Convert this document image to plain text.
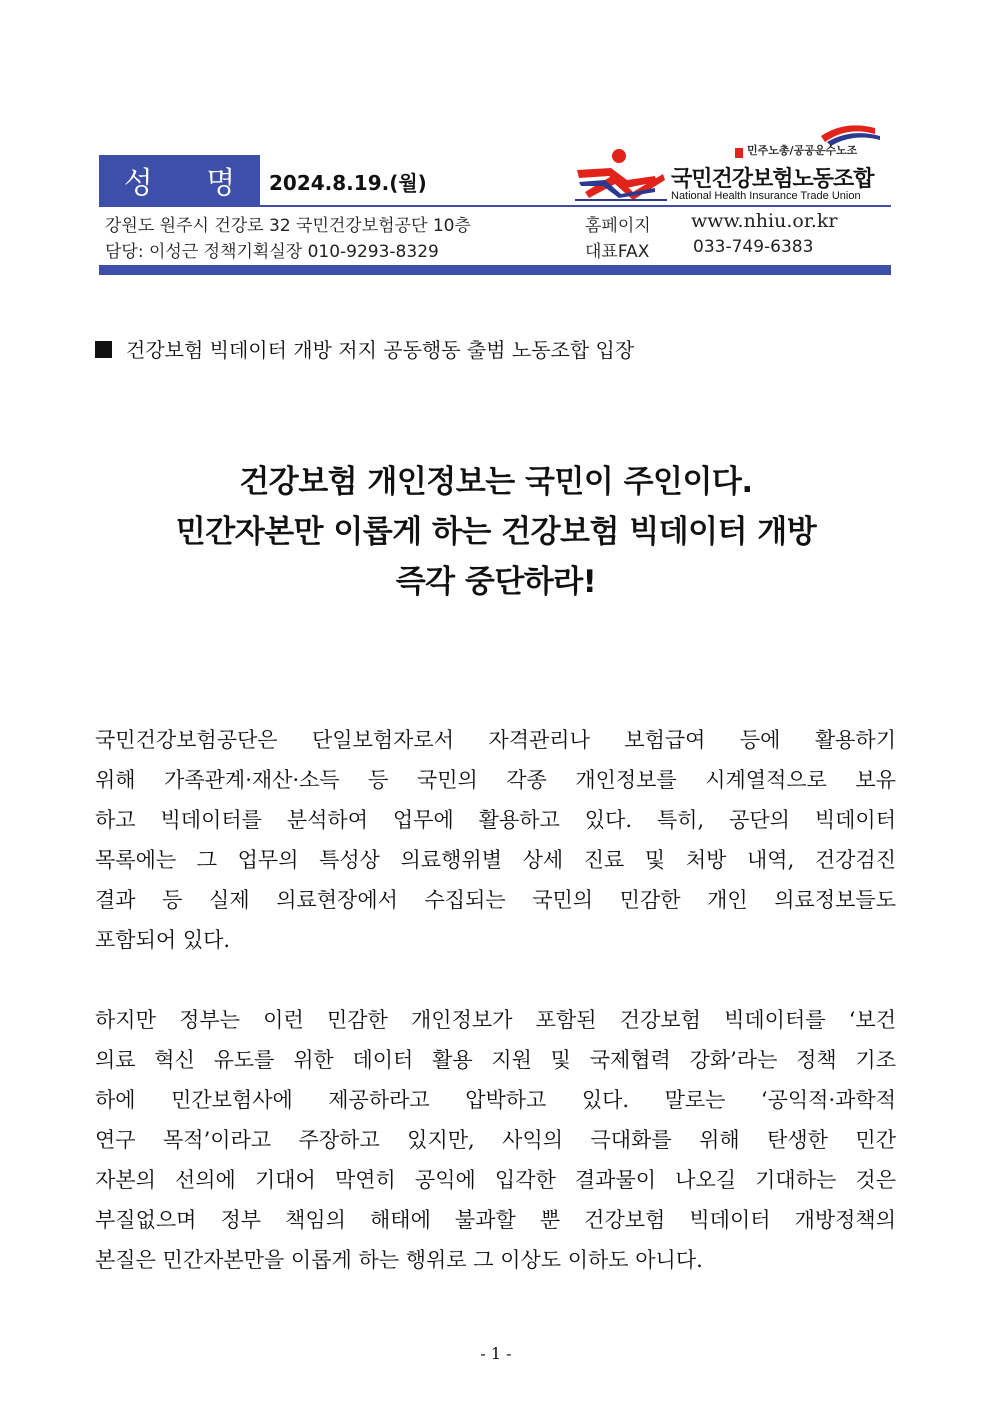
성 명 2024.8.19.(월)
강원도 원주시 건강로 32 국민건강보험공단 10층
담당: 이성근 정책기획실장 010-9293-8329
홈페이지 www.nhiu.or.kr
대표FAX	033-749-6383
민주노총/공공운수노조
국민건강보험노동조합
National Health Insurance Trade Union
건강보험 빅데이터 개방 저지 공동행동 출범 노동조합 입장
건강보험 개인정보는 국민이 주인이다.
민간자본만 이롭게 하는 건강보험 빅데이터 개방
즉각 중단하라!
국민건강보험공단은 단일보험자로서 자격관리나 보험급여 등에 활용하기
위해 가족관계·재산·소득 등 국민의 각종 개인정보를 시계열적으로 보유
하고 빅데이터를 분석하여 업무에 활용하고 있다. 특히, 공단의 빅데이터
목록에는 그 업무의 특성상 의료행위별 상세 진료 및 처방 내역, 건강검진
결과 등 실제 의료현장에서 수집되는 국민의 민감한 개인 의료정보들도
포함되어 있다.
하지만 정부는 이런 민감한 개인정보가 포함된 건강보험 빅데이터를 ‘보건
의료 혁신 유도를 위한 데이터 활용 지원 및 국제협력 강화’라는 정책 기조
하에 민간보험사에 제공하라고 압박하고 있다. 말로는 ‘공익적·과학적
연구 목적’이라고 주장하고 있지만, 사익의 극대화를 위해 탄생한 민간
자본의 선의에 기대어 막연히 공익에 입각한 결과물이 나오길 기대하는 것은
부질없으며 정부 책임의 해태에 불과할 뿐 건강보험 빅데이터 개방정책의
본질은 민간자본만을 이롭게 하는 행위로 그 이상도 이하도 아니다.
- 1 -
